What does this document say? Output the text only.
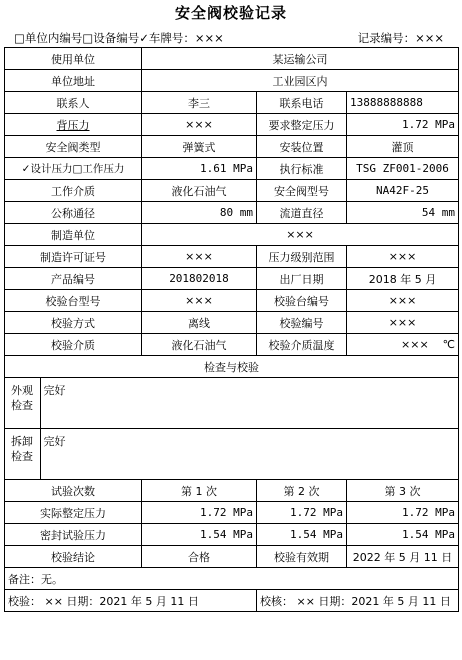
安全阀校验记录
□单位内编号□设备编号✓车牌号：×××	记录编号：×××
使用单位	某运输公司		
单位地址	工业园区内		
联系人	李三	联系电话	13888888888
背压力	×××	要求整定压力	1.72 MPa
安全阀类型	弹簧式	安装位置	灌顶
✓设计压力□工作压力	1.61 MPa	执行标准	TSG ZF001-2006
工作介质	液化石油气	安全阀型号	NA42F-25
公称通径	80 mm	流道直径	54 mm
制造单位	×××		
制造许可证号	×××	压力级别范围	×××
产品编号	201802018	出厂日期	2018 年 5 月
校验台型号	×××	校验台编号	×××
校验方式	离线	校验编号	×××
校验介质	液化石油气	校验介质温度	××× ℃
检查与校验			
外观检查 完好			
拆卸检查 完好			
试验次数	第 1 次	第 2 次	第 3 次
实际整定压力	1.72 MPa	1.72 MPa	1.72 MPa
密封试验压力	1.54 MPa	1.54 MPa	1.54 MPa
校验结论	合格	校验有效期	2022 年 5 月 11 日
备注：无。			
校验： ×× 日期：2021 年 5 月 11 日		校核： ×× 日期：2021 年 5 月 11 日	
